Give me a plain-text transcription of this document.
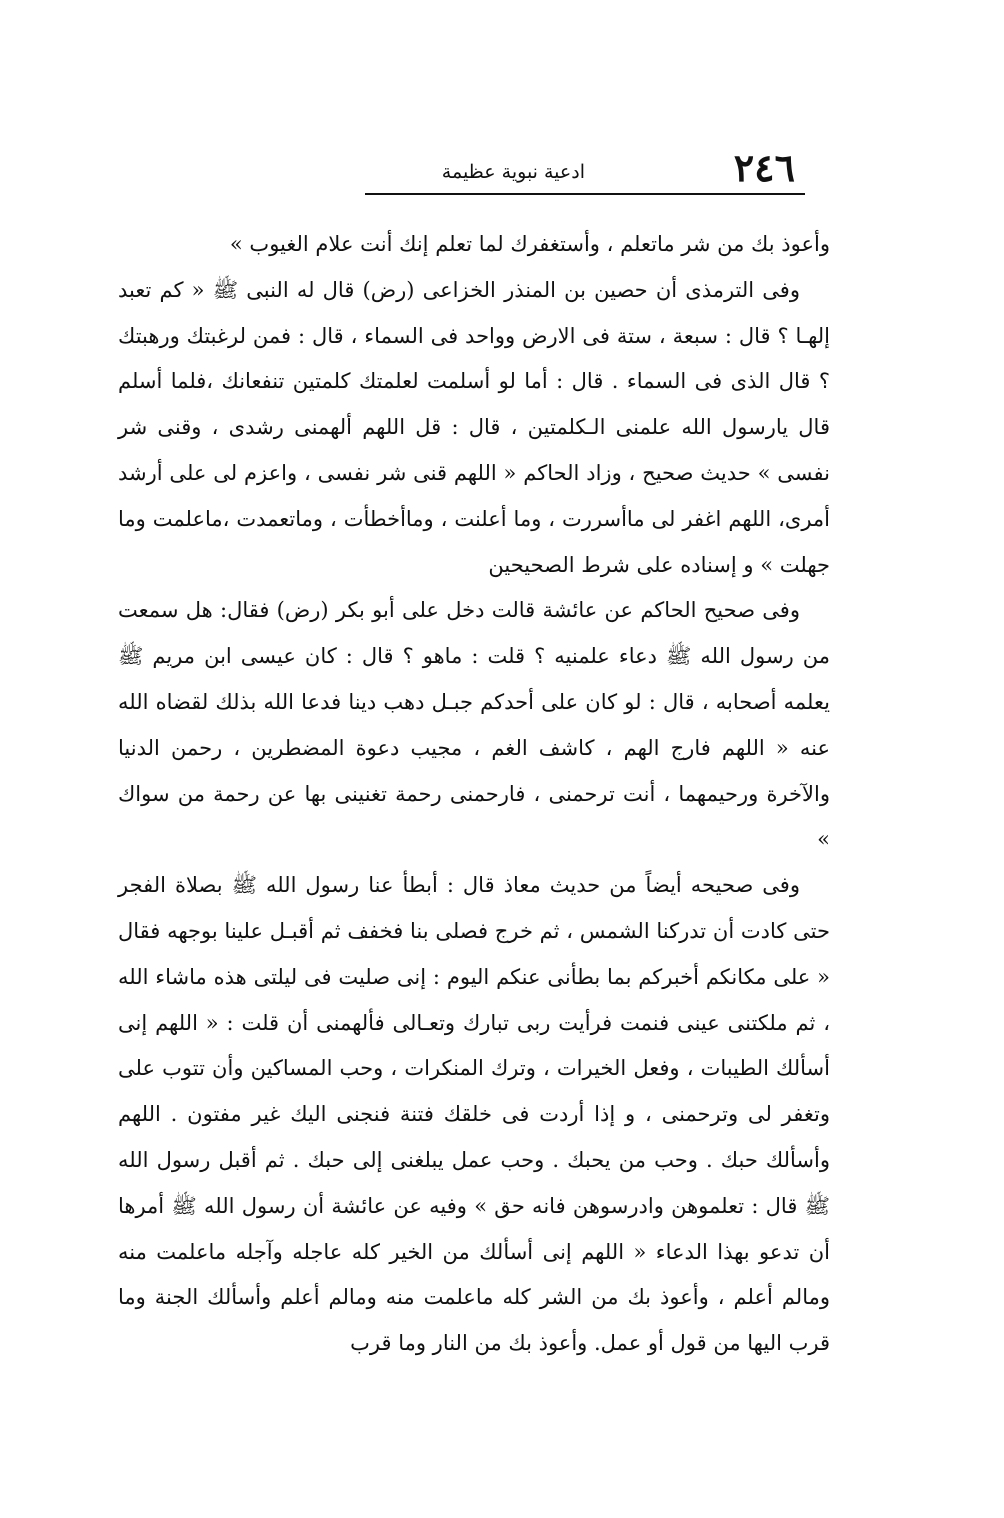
٢٤٦
ادعية نبوية عظيمة

وأعوذ بك من شر ماتعلم ، وأستغفرك لما تعلم إنك أنت علام الغيوب »

وفى الترمذى أن حصين بن المنذر الخزاعى (رض) قال له النبى ﷺ « كم تعبد إلهـا ؟ قال : سبعة ، ستة فى الارض وواحد فى السماء ، قال : فمن لرغبتك ورهبتك ؟ قال الذى فى السماء . قال : أما لو أسلمت لعلمتك كلمتين تنفعانك ،فلما أسلم قال يارسول الله علمنى الـكلمتين ، قال : قل اللهم ألهمنى رشدى ، وقنى شر نفسى » حديث صحيح ، وزاد الحاكم « اللهم قنى شر نفسى ، واعزم لى على أرشد أمرى، اللهم اغفر لى ماأسررت ، وما أعلنت ، وماأخطأت ، وماتعمدت ،ماعلمت وما جهلت » و إسناده على شرط الصحيحين

وفى صحيح الحاكم عن عائشة قالت دخل على أبو بكر (رض) فقال: هل سمعت من رسول الله ﷺ دعاء علمنيه ؟ قلت : ماهو ؟ قال : كان عيسى ابن مريم ﷺ يعلمه أصحابه ، قال : لو كان على أحدكم جبـل دهب دينا فدعا الله بذلك لقضاه الله عنه « اللهم فارج الهم ، كاشف الغم ، مجيب دعوة المضطرين ، رحمن الدنيا والآخرة ورحيمهما ، أنت ترحمنى ، فارحمنى رحمة تغنينى بها عن رحمة من سواك »

وفى صحيحه أيضاً من حديث معاذ قال : أبطأ عنا رسول الله ﷺ بصلاة الفجر حتى كادت أن تدركنا الشمس ، ثم خرج فصلى بنا فخفف ثم أقبـل علينا بوجهه فقال « على مكانكم أخبركم بما بطأنى عنكم اليوم : إنى صليت فى ليلتى هذه ماشاء الله ، ثم ملكتنى عينى فنمت فرأيت ربى تبارك وتعـالى فألهمنى أن قلت : « اللهم إنى أسألك الطيبات ، وفعل الخيرات ، وترك المنكرات ، وحب المساكين وأن تتوب على وتغفر لى وترحمنى ، و إذا أردت فى خلقك فتنة فنجنى اليك غير مفتون . اللهم وأسألك حبك . وحب من يحبك . وحب عمل يبلغنى إلى حبك . ثم أقبل رسول الله ﷺ قال : تعلموهن وادرسوهن فانه حق » وفيه عن عائشة أن رسول الله ﷺ أمرها أن تدعو بهذا الدعاء « اللهم إنى أسألك من الخير كله عاجله وآجله ماعلمت منه ومالم أعلم ، وأعوذ بك من الشر كله ماعلمت منه ومالم أعلم وأسألك الجنة وما قرب اليها من قول أو عمل. وأعوذ بك من النار وما قرب
